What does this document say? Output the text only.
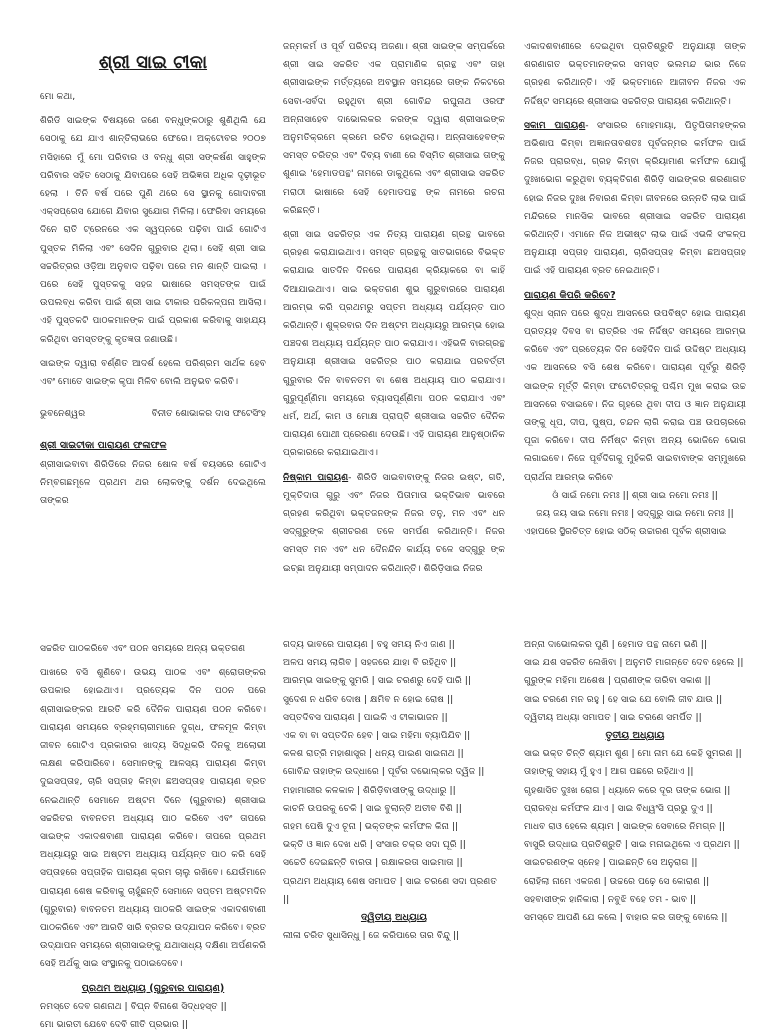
ଶ୍ରୀ ସାଇ ଟୀକା

ମୋ କଥା,

ଶିରିଡି ସାଇଙ୍କ ବିଷୟରେ ଜଣେ ବନ୍ଧୁଙ୍କଠାରୁ ଶୁଣିଥିଲି ଯେ ସେଠାକୁ ଯେ ଯାଏ ଶାନ୍ତିଲାଭରେ ଫେରେ। ଅକ୍ଟୋବର ୨୦୦୭ ମସିହାରେ ମୁଁ ମୋ ପରିବାର ଓ ବନ୍ଧୁ ଶ୍ରୀ ସଙ୍କର୍ଷଣ ସାହୁଙ୍କ ପରିବାର ସହିତ ସେଠାକୁ ଯିବାପରେ ସେହି ଅଭିଜ୍ଞତା ଅଧିକ ଦୃଢ଼ୀଭୂତ ହେଲା । ତିନି ବର୍ଷ ପରେ ପୁଣି ଥରେ ସେ ସ୍ଥାନକୁ ଗୋଦାବରୀ ଏକ୍ସପ୍ରେସ ଯୋଗେ ଯିବାର ସୁଯୋଗ ମିଳିଲା। ଫେରିବା ସମୟରେ ଦିନେ ରାତି ଟ୍ରେନରେ ଏକ ସ୍ୱପ୍ନରେ ପଢ଼ିବା ପାଇଁ ଗୋଟିଏ ପୁସ୍ତକ ମିଳିଲା ଏବଂ ସେଦିନ ଗୁରୁବାର ଥିଲା। ସେହି ଶ୍ରୀ ସାଇ ସଚ୍ଚରିତ୍ରର ଓଡ଼ିଆ ଅନୁବାଦ ପଢ଼ିବା ପରେ ମନ ଶାନ୍ତି ପାଇଲା । ପରେ ସେହି ପୁସ୍ତକକୁ ସହଜ ଭାଷାରେ ସମସ୍ତଙ୍କ ପାଇଁ ଉପଲବ୍ଧ କରିବା ପାଇଁ ଶ୍ରୀ ସାଇ ଟୀକାର ପରିକଳ୍ପନା ଆସିଲା। ଏହି ପୁସ୍ତକଟି ପାଠକମାନଙ୍କ ପାଇଁ ପ୍ରକାଶ କରିବାକୁ ସାହାଯ୍ୟ କରିଥିବା ସମସ୍ତଙ୍କୁ କୃତଜ୍ଞତା ଜଣାଉଛି।

ସାଇଙ୍କ ଦ୍ୱାରା ବର୍ଣ୍ଣିତ ଆଦର୍ଶ ହେଲେ ପରିଶ୍ରମ ସାର୍ଥକ ହେବ ଏବଂ ମୋତେ ସାଇଙ୍କ କୃପା ମିଳିବ ବୋଲି ଅନୁଭବ କରିବି।

ଭୁବନେଶ୍ୱର	ବିନୀତ ଶୋଭାକର ଦାସ ଫଟେସିଂହ

ଶ୍ରୀ ସାଇଟୀକା ପାରାୟଣ ଫଳାଫଳ

ଶ୍ରୀସାଇବାବା ଶିରିଡିରେ ନିଜର ଷୋଳ ବର୍ଷ ବୟସରେ ଗୋଟିଏ ନିମ୍ବଗଛମୂଳେ ପ୍ରଥମ ଥର ଲୋକଙ୍କୁ ଦର୍ଶନ ଦେଇଥିଲେ ତାଙ୍କର

ଜନ୍ମକର୍ମ ଓ ପୂର୍ବ ପରିଚୟ ଅଜଣା। ଶ୍ରୀ ସାଇଙ୍କ ସମ୍ପର୍କରେ ଶ୍ରୀ ସାଇ ସଚ୍ଚରିତ ଏକ ପ୍ରାମାଣିକ ଗ୍ରନ୍ଥ ଏବଂ ତାହା ଶ୍ରୀସାଇଙ୍କ ମର୍ତ୍ତ୍ୟରେ ଅବସ୍ଥାନ ସମୟରେ ତାଙ୍କ ନିକଟରେ ସେବା-ସର୍ବଦା ରହୁଥିବା ଶ୍ରୀ ଗୋବିନ୍ଦ ରଘୁନାଥ ଓରଫ ଅନ୍ନାସାହେବ ଦାଭୋଲକର କରଙ୍କ ଦ୍ୱାରା ଶ୍ରୀସାଇଙ୍କ ଅନୁମତିକ୍ରମେ କ୍ରମେ ରଚିତ ହୋଇଥିଲା। ଅନ୍ନାସାହେବଙ୍କ ସମସ୍ତ ଚରିତ୍ର ଏବଂ ଦିବ୍ୟ ବାଣୀ ରେ ବିସ୍ମିତ ଶ୍ରୀସାଇ ତାଙ୍କୁ ଶୁଣାଇ 'ହେମାଡପନ୍ଥ' ନାମରେ ଡାକୁଥିଲେ ଏବଂ ଶ୍ରୀସାଇ ସଚ୍ଚରିତ ମରାଠୀ ଭାଷାରେ ସେହି ହେମାଡପନ୍ଥ ଙ୍କ ନାମରେ ରଚନା କରିଛନ୍ତି।

ଶ୍ରୀ ସାଇ ସଚ୍ଚରିତ୍ର ଏକ ନିତ୍ୟ ପାରାୟଣ ଗ୍ରନ୍ଥ ଭାବରେ ଗ୍ରହଣ କରାଯାଇଥାଏ। ସମସ୍ତ ଗ୍ରନ୍ଥକୁ ସାତଭାଗରେ ବିଭକ୍ତ କରାଯାଇ ସାତଦିନ ଦିନରେ ପାରାୟଣ କ୍ରିୟାକରେ ବା କାହିଁ ଦିଆଯାଇଥାଏ। ସାଇ ଭକ୍ତଗଣ ଶୁଭ ଗୁରୁବାରରେ ପାରାୟଣ ଆରମ୍ଭ କରି ପ୍ରଥମରୁ ସପ୍ତମ ଅଧ୍ୟାୟ ପର୍ଯ୍ୟନ୍ତ ପାଠ କରିଥାନ୍ତି। ଶୁକ୍ରବାର ଦିନ ଅଷ୍ଟମ ଅଧ୍ୟାୟରୁ ଆରମ୍ଭ ହୋଇ ପଞ୍ଚଦଶ ଅଧ୍ୟାୟ ପର୍ଯ୍ୟନ୍ତ ପାଠ କରାଯାଏ। ଏହିଭଳି ବାରଗ୍ରନ୍ଥ ଅନୁଯାୟୀ ଶ୍ରୀସାଇ ସଚ୍ଚରିତ୍ର ପାଠ କରାଯାଇ ପରବର୍ତ୍ତୀ ଗୁରୁବାର ଦିନ ବାବନତମ ବା ଶେଷ ଅଧ୍ୟାୟ ପାଠ କରାଯାଏ। ଗୁରୁପୂର୍ଣ୍ଣିମା ସମୟରେ ବ୍ୟାସପୂର୍ଣ୍ଣିମା ପଠନ କରାଯାଏ ଏବଂ ଧର୍ମ, ଅର୍ଥ, କାମ ଓ ମୋକ୍ଷ ପ୍ରାପ୍ତି ଶ୍ରୀସାଇ ସଚ୍ଚରିତ ଦୈନିକ ପାରାୟଣ ପୋଥୀ ପ୍ରେରଣା ଦେଉଛି। ଏହି ପାରାୟଣ ଆନୁଷ୍ଠାନିକ ପ୍ରକାରରେ କରାଯାଇଥାଏ।

ନିଷ୍କାମ ପାରାୟଣ- ଶିରିଡି ସାଇବାବାଙ୍କୁ ନିଜର ଇଷ୍ଟ, ଗତି, ମୁକ୍ତିଦାତା ଗୁରୁ ଏବଂ ନିଜର ପିତାମାତା ଭକ୍ତିଭାବ ଭାବରେ ଗ୍ରହଣ କରିଥିବା ଭକ୍ତଜନଙ୍କ ନିଜର ତନୁ, ମନ ଏବଂ ଧନ ସଦ୍‌ଗୁରୁଙ୍କ ଶ୍ରୀଚରଣ ତଳେ ସମର୍ପଣ କରିଥାନ୍ତି। ନିଜର ସମସ୍ତ ମନ ଏବଂ ଧନ ଦୈନନ୍ଦିନ କାର୍ଯ୍ୟ ଚଳେ ସଦ୍‌ଗୁରୁ ଙ୍କ ଇଚ୍ଛା ଅନୁଯାୟୀ ସମ୍ପାଦନ କରିଥାନ୍ତି। ଶିରିଡ଼ିସାଇ ନିଜର

ଏକାଦଶବାଣୀରେ ଦେଇଥିବା ପ୍ରତିଶ୍ରୁତି ଅନୁଯାୟୀ ତାଙ୍କ ଶରଣାଗତ ଭକ୍ତମାନଙ୍କର ସମସ୍ତ ଭଲମନ୍ଦ ଭାର ନିଜେ ଗ୍ରହଣ କରିଥାନ୍ତି। ଏହି ଭକ୍ତମାନେ ଆଜୀବନ ନିଜର ଏକ ନିର୍ଦ୍ଦିଷ୍ଟ ସମୟରେ ଶ୍ରୀସାଇ ସଚ୍ଚରିତ୍ର ପାରାୟଣ କରିଥାନ୍ତି।

ସକାମ ପାରାୟଣ- ସଂସାରର ମୋହମାୟା, ପିତୃପିତାମହଙ୍କର ଅଭିଶାପ କିମ୍ବା ଅଜ୍ଞାନତାବଶତଃ ପୂର୍ବଜନ୍ମର କର୍ମଫଳ ପାଇଁ ନିଜର ପ୍ରାରବ୍ଧ, ଗ୍ରହ କିମ୍ବା କ୍ରିୟାମାଣ କର୍ମଫଳ ଯୋଗୁଁ ଦୁଃଖଭୋଗ କରୁଥିବା ବ୍ୟକ୍ତିଗଣ ଶିରିଡ଼ି ସାଇଙ୍କର ଶରଣାଗତ ହୋଇ ନିଜର ଦୁଃଖ ନିବାରଣ କିମ୍ବା ଜୀବନରେ ଉନ୍ନତି ଲାଭ ପାଇଁ ମନ୍ଦିରରେ ମାନସିକ ଭାବରେ ଶ୍ରୀସାଇ ସଚ୍ଚରିତ ପାରାୟଣ କରିଥାନ୍ତି। ଏମାନେ ନିଜ ଅଭୀଷ୍ଟ ଲାଭ ପାଇଁ ଏଭଳି ସଂକଳ୍ପ ଅନୁଯାୟୀ ସପ୍ତାହ ପାରାୟଣ, ଚାରିସପ୍ତାହ କିମ୍ବା ଛଅସପ୍ତାହ ପାଇଁ ଏହି ପାରାୟଣ ବ୍ରତ ନେଇଥାନ୍ତି।

ପାରାୟଣ କିପରି କରିବେ?

ଶୁଦ୍ଧ ସ୍ନାନ ପରେ ଶୁଦ୍ଧ ଆସନରେ ଉପବିଷ୍ଟ ହୋଇ ପାରାୟଣ ପ୍ରତ୍ୟହ ଦିବସ ବା ରାତ୍ରିର ଏକ ନିର୍ଦ୍ଦିଷ୍ଟ ସମୟରେ ଆରମ୍ଭ କରିବେ ଏବଂ ପ୍ରତ୍ୟେକ ଦିନ ସେହିଦିନ ପାଇଁ ଉଦ୍ଦିଷ୍ଟ ଅଧ୍ୟାୟ ଏକ ଆସନରେ ବସି ଶେଷ କରିବେ। ପାରାୟଣ ପୂର୍ବରୁ ଶିରିଡ଼ି ସାଇଙ୍କ ମୂର୍ତ୍ତି କିମ୍ବା ଫଟୋଚିତ୍ରକୁ ପଶ୍ଚିମ ମୁଖ କରାଇ ଉଚ୍ଚ ଆସନରେ ବସାଇବେ। ନିଜ ଗୃହରେ ଥିବା ଦୀପ ଓ ଜ୍ଞାନ ଅନୁଯାୟୀ ତାଙ୍କୁ ଧୂପ, ଦୀପ, ପୁଷ୍ପ, ଚନ୍ଦନ ଲାଗି କରାଇ ପଞ୍ଚ ଉପଚାରରେ ପୂଜା କରିବେ। ଦୀପ ନିର୍ମିଷ୍ଟ କିମ୍ବା ଅନ୍ୟ ଭୋଜିନେ ଭୋଗ ଲଗାଇବେ। ନିଜେ ପୂର୍ବଦିଗକୁ ମୁହଁକରି ସାଇବାବାଙ୍କ ସମ୍ମୁଖରେ ପ୍ରାର୍ଥନା ଆରମ୍ଭ କରିବେ

ଓଁ ସାଇଁ ନମୋ ନମଃ || ଶ୍ରୀ ସାଇ ନମୋ ନମଃ ||

ଜୟ ଜୟ ସାଇ ନମୋ ନମଃ | ସଦ୍‌ଗୁରୁ ସାଇ ନମୋ ନମଃ ||

ଏହାପରେ ସ୍ଥିରଚିତ୍ତ ହୋଇ ସଠିକ୍ ଉଚ୍ଚାରଣ ପୂର୍ବକ ଶ୍ରୀସାଇ

ସଚ୍ଚରିତ ପାଠକରିବେ ଏବଂ ପଠନ ସମୟରେ ଅନ୍ୟ ଭକ୍ତଗଣ

ପାଖରେ ବସି ଶୁଣିବେ। ଉଭୟ ପାଠକ ଏବଂ ଶ୍ରୋତାଙ୍କର ଉପକାର ହୋଇଥାଏ। ପ୍ରତ୍ୟେକ ଦିନ ପଠନ ପରେ ଶ୍ରୀସାଇଙ୍କର ଆରତି କରି ଦୈନିକ ପାରାୟଣ ପଠନ କରିବେ। ପାରାୟଣ ସମୟରେ ବ୍ରହ୍ମଚାରୀମାନେ ଦୁଗ୍ଧ, ଫଳମୂଳ କିମ୍ବା ଜୀବନ ଗୋଟିଏ ପ୍ରକାରର ଖାଦ୍ୟ ସିଦ୍ଧିକରି ଦିନକୁ ଅଲୋଭୀ ଲକ୍ଷଣ କରିପାରିବେ। ସେମାନଙ୍କୁ ଆଳସ୍ୟ ପାରାୟଣ କିମ୍ବା ଦୁଇସପ୍ତାହ, ଚାରି ସପ୍ତାହ କିମ୍ବା ଛଅସପ୍ତାହ ପାରାୟଣ ବ୍ରତ ନେଇଥାନ୍ତି ସେମାନେ ଅଷ୍ଟମ ଦିନେ (ଗୁରୁବାର) ଶ୍ରୀସାଇ ସଚ୍ଚରିତର ବାବନତମ ଅଧ୍ୟାୟ ପାଠ କରିବେ ଏବଂ ତାପରେ ସାଇଙ୍କ ଏକାଦଶବାଣୀ ପାରାୟଣ କରିବେ। ତାପରେ ପ୍ରଥମ ଅଧ୍ୟାୟରୁ ସାଇ ଅଷ୍ଟମ ଅଧ୍ୟାୟ ପର୍ଯ୍ୟନ୍ତ ପାଠ କରି ସେହି ସପ୍ତାହରେ ସପ୍ତାହିକ ପାରାୟଣ କ୍ରମ ଚାଲୁ ରଖିବେ। ଯେଉଁମାନେ ପାରାୟଣ ଶେଷ କରିବାକୁ ଚାହୁଁଛନ୍ତି ସେମାନେ ସପ୍ତମ ଅଷ୍ଟମଦିନ (ଗୁରୁବାର) ବାବନତମ ଅଧ୍ୟାୟ ପାଠକରି ସାଇଙ୍କ ଏକାଦଶବାଣୀ ପାଠକରିବେ ଏବଂ ଆରତି ସାରି ବ୍ରତର ଉଦ୍ଯାପନ କରିବେ। ବ୍ରତ ଉଦ୍ଯାପନ ସମୟରେ ଶ୍ରୀସାଇଙ୍କୁ ଯଥାସାଧ୍ୟ ଦକ୍ଷିଣା ଅର୍ପଣକରି ସେହି ଅର୍ଥକୁ ସାଇ ସଂସ୍ଥାନକୁ ପଠାଇଦେବେ।

ପ୍ରଥମ ଅଧ୍ୟାୟ (ଗୁରୁବାର ପାରାୟଣ)

ନମସ୍ତେ ଦେବ ଗଣନାଥ | ବିଘ୍ନ ବିନାଶେ ସିଦ୍ଧହସ୍ତ ||

ମୋ ଭାରତୀ ଯେବେ ଦେବି ଗୀତି ପ୍ରଭାର ||

ଗଦ୍ୟ ଭାବରେ ପାରାୟଣ | ବହୁ ସମୟ ନିଏ ଜାଣ ||

ଅଳପ ସମୟ ଲାଗିବ | ସହଜରେ ଯାହା ବି ରହିଥିବ ||

ଆରମ୍ଭ ସାଇଙ୍କୁ ସୁମରି | ସାଇ ଚରଣରୁ ଦେହି ପାରି ||

ସୁଦେଶ ନ ଧରିବ ଦୋଷ | କ୍ଷମିବ ନ ହୋଇ ରୋଷ ||

ସପ୍ତଦିବସ ପାରାୟଣ | ପାଇକି ଏ ଟୀକାଭାଜନ ||

ଏକ ବା ବା ସପ୍ତଦିନ ହେବ | ସାଇ ମହିମା ବ୍ୟାପିଯିବ ||

କଳଶ ରାତ୍ରି ମହାଶାସ୍ତ୍ର | ଧନ୍ୟ ପାଇଣ ସାଇନାଥ ||

ଗୋବିନ୍ଦ ତାହାଙ୍କ ଉଦ୍ଧାରେ | ପୂର୍ବର ଦଭୋଲ୍କର ଦ୍ୱିଜ ||

ମହାମାରୀର କଳକାଳ | ଶିରିଡ଼ିବାସୀଙ୍କୁ ଉଦ୍ଧାରୁ ||

କାଚନି ଉପରକୁ ଚେକି | ସାଇ ବୁଲାନ୍ତି ଅତୀବ ବିଶି ||

ଗହମ ପେଷି ଦୁଏ ଚୂନା | ଭକ୍ତଙ୍କ କର୍ମଫଳ କିନା ||

ଭକ୍ତି ଓ ଜ୍ଞାନ ଦେଖ ଧରି | ସଂସାର ଚକ୍ର ସଦା ଘୂରି ||

ସଚ୍ଚେତି ଦେଇଛନ୍ତି ବାରତା | ରକ୍ଷାକରତା ସାଇମାତା ||

ପ୍ରଥମ ଅଧ୍ୟାୟ ଶେଷ ସମାପତ | ସାଇ ଚରଣେ ସଦା ପ୍ରଣତ ||

ଦ୍ୱିତୀୟ ଅଧ୍ୟାୟ

ଲୀଳା ଚରିତ ସୁଧାସିନ୍ଧୁ | ଜେ କରିପାରେ ତାର ବିନ୍ଦୁ ||

ଅନ୍ନା ଦାଭୋଲକର ପୁଣି | ହେମାଡ ପନ୍ଥ ନାମେ ଭଣି ||

ସାଇ ଯଶ ସଚ୍ଚରିତ ଲେଖିବା | ଅନୁମତି ମାଗନ୍ତେ ଦେବ ହେଲେ ||

ଗୁରୁଙ୍କ ମହିମା ଅଶେଷ | ପ୍ରାଣୀଙ୍କ ତାରିବା ସକାଶ ||

ସାଇ ଚରଣେ ମନ ରହୁ | ହେ ସାଇ ଯେ ବୋଲି ଜୀବ ଯାଉ ||

ଦ୍ୱିତୀୟ ଅଧ୍ୟା ସମାପତ | ସାଇ ଚରଣେ ସମର୍ପିତ ||

ତୃତୀୟ ଅଧ୍ୟାୟ

ସାଇ ଭକ୍ତ ଚିନ୍ତି ଶ୍ୟାମ ଶୁଣ | ମୋ ନାମ ଯେ କେହି ସୁମରଣ ||

ତାହାଙ୍କୁ ସହାୟ ମୁଁ ହୁଏ | ଆଗ ପଛରେ ରହିଥାଏ ||

ଗୃହଶାସିତ ଦୁଃଖ ରୋଗ | ଧ୍ୟାନେ କରେ ଦୂର ତାଙ୍କ ଭୋଗ ||

ପ୍ରାରବ୍ଧ କର୍ମଫଳ ଯାଏ | ସାଇ ବିଧ୍ୱଂସି ପ୍ରଭୁ ଦୁଏ ||

ମାଧବ ରାଓ ହେଲେ ଶ୍ୟାମ | ସାଇଙ୍କ ସେବାରେ ନିମଗ୍ନ ||

ବାସୁରି ଉଦ୍ଧାଇ ପ୍ରତିଶ୍ରୁତି | ସାଇ ମନାଇଥିଲେ ଏ ପ୍ରଥମ ||

ସାଇଚରଣଙ୍କ ସ୍ନେହ | ପାଇଛନ୍ତି ସେ ଅନୁରାଗ ||

ରୋହିଲା ନାମେ ଏକଜଣ | ଉଚ୍ଚରେ ପଢ଼େ ସେ କୋରାଣ ||

ସହବାସୀଙ୍କ ହାନିକାରା | ନବୁଝି ବହେ ତମ - ଭାବ ||

ସମସ୍ତେ ଆପଣି ଯେ କଲେ | ବାହାର କର ତାଙ୍କୁ ବୋଲେ ||
